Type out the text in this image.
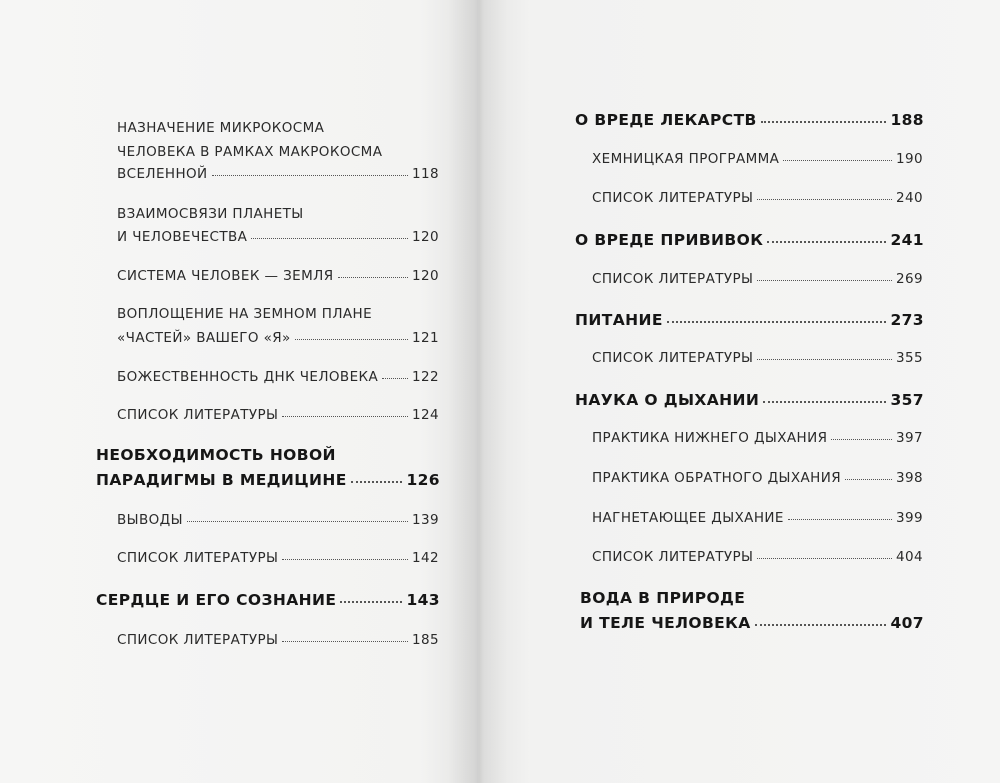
НАЗНАЧЕНИЕ МИКРОКОСМА
ЧЕЛОВЕКА В РАМКАХ МАКРОКОСМА
ВСЕЛЕННОЙ	118
ВЗАИМОСВЯЗИ ПЛАНЕТЫ
И ЧЕЛОВЕЧЕСТВА	120
СИСТЕМА ЧЕЛОВЕК — ЗЕМЛЯ	120
ВОПЛОЩЕНИЕ НА ЗЕМНОМ ПЛАНЕ
«ЧАСТЕЙ» ВАШЕГО «Я»	121
БОЖЕСТВЕННОСТЬ ДНК ЧЕЛОВЕКА	122
СПИСОК ЛИТЕРАТУРЫ	124
НЕОБХОДИМОСТЬ НОВОЙ
ПАРАДИГМЫ В МЕДИЦИНЕ	126
ВЫВОДЫ	139
СПИСОК ЛИТЕРАТУРЫ	142
СЕРДЦЕ И ЕГО СОЗНАНИЕ	143
СПИСОК ЛИТЕРАТУРЫ	185
О ВРЕДЕ ЛЕКАРСТВ	188
ХЕМНИЦКАЯ ПРОГРАММА	190
СПИСОК ЛИТЕРАТУРЫ	240
О ВРЕДЕ ПРИВИВОК	241
СПИСОК ЛИТЕРАТУРЫ	269
ПИТАНИЕ	273
СПИСОК ЛИТЕРАТУРЫ	355
НАУКА О ДЫХАНИИ	357
ПРАКТИКА НИЖНЕГО ДЫХАНИЯ	397
ПРАКТИКА ОБРАТНОГО ДЫХАНИЯ	398
НАГНЕТАЮЩЕЕ ДЫХАНИЕ	399
СПИСОК ЛИТЕРАТУРЫ	404
ВОДА В ПРИРОДЕ
И ТЕЛЕ ЧЕЛОВЕКА	407
